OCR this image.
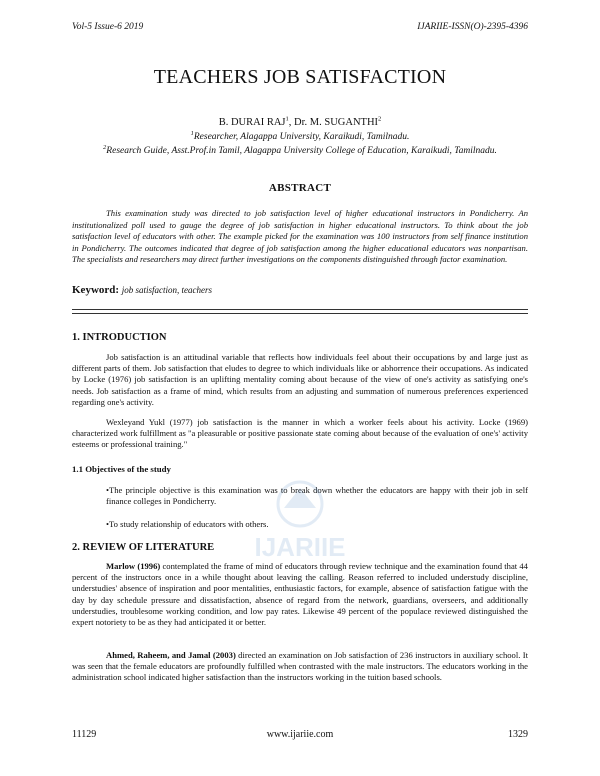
Vol-5 Issue-6 2019	IJARIIE-ISSN(O)-2395-4396
TEACHERS JOB SATISFACTION
B. DURAI RAJ$^1$, Dr. M. SUGANTHI$^2$
$^1$Researcher, Alagappa University, Karaikudi, Tamilnadu.
$^2$Research Guide, Asst.Prof.in Tamil, Alagappa University College of Education, Karaikudi, Tamilnadu.
ABSTRACT
This examination study was directed to job satisfaction level of higher educational instructors in Pondicherry. An institutionalized poll used to gauge the degree of job satisfaction in higher educational instructors. To think about the job satisfaction level of educators with other. The example picked for the examination was 100 instructors from self finance institution in Pondicherry. The outcomes indicated that degree of job satisfaction among the higher educational educators was nonpartisan. The specialists and researchers may direct further investigations on the components distinguished through factor examination.
Keyword: job satisfaction, teachers
1. INTRODUCTION
Job satisfaction is an attitudinal variable that reflects how individuals feel about their occupations by and large just as different parts of them. Job satisfaction that eludes to degree to which individuals like or abhorrence their occupations. As indicated by Locke (1976) job satisfaction is an uplifting mentality coming about because of the view of one's activity as satisfying one's needs. Job satisfaction as a frame of mind, which results from an adjusting and summation of numerous preferences experienced regarding one's activity.
Wexleyand Yukl (1977) job satisfaction is the manner in which a worker feels about his activity. Locke (1969) characterized work fulfillment as "a pleasurable or positive passionate state coming about because of the evaluation of one's' activity esteems or professional training."
1.1 Objectives of the study
•The principle objective is this examination was to break down whether the educators are happy with their job in self finance colleges in Pondicherry.
•To study relationship of educators with others.
IJARIIE
2. REVIEW OF LITERATURE
Marlow (1996) contemplated the frame of mind of educators through review technique and the examination found that 44 percent of the instructors once in a while thought about leaving the calling. Reason referred to included understudy discipline, understudies' absence of inspiration and poor mentalities, enthusiastic factors, for example, absence of satisfaction fatigue with the day by day schedule pressure and dissatisfaction, absence of regard from the network, guardians, overseers, and additionally understudies, troublesome working condition, and low pay rates. Likewise 49 percent of the populace reviewed distinguished the expert notoriety to be as they had anticipated it or better.
Ahmed, Raheem, and Jamal (2003) directed an examination on Job satisfaction of 236 instructors in auxiliary school. It was seen that the female educators are profoundly fulfilled when contrasted with the male instructors. The educators working in the administration school indicated higher satisfaction than the instructors working in the tuition based schools.
11129	www.ijariie.com	1329
